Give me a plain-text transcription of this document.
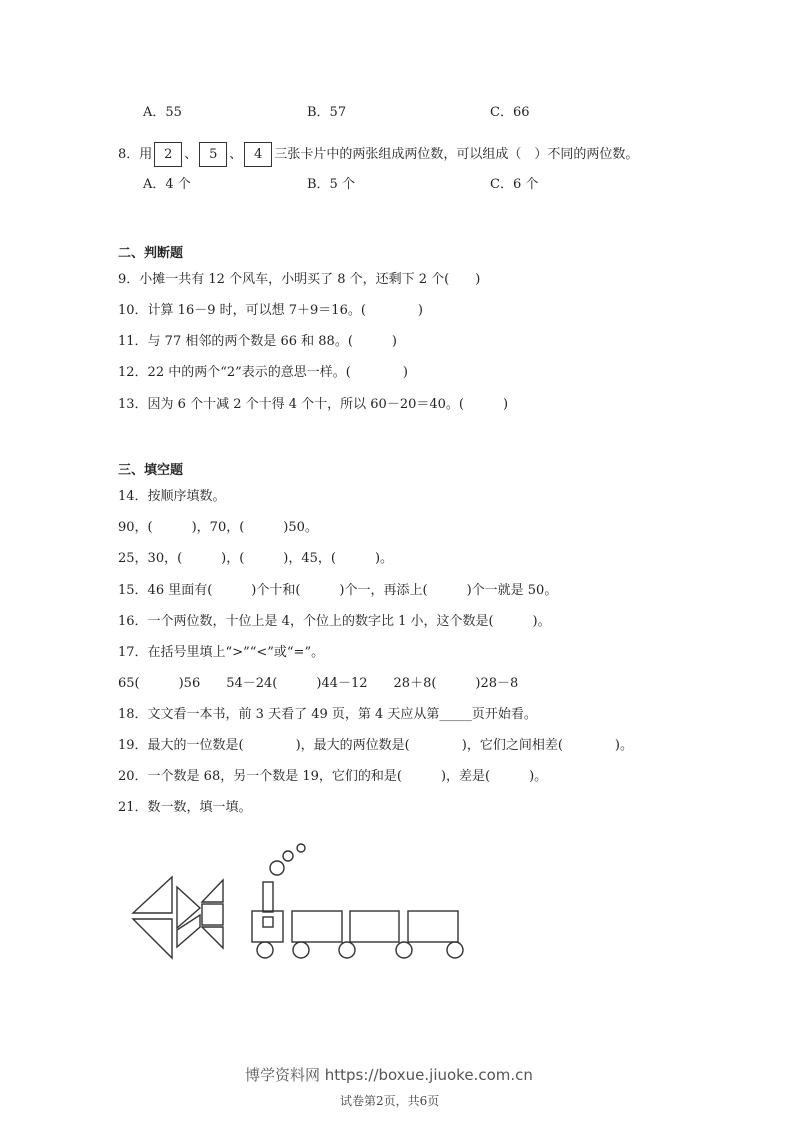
A．55	B．57	C．66
8．用 2 、 5 、 4 三张卡片中的两张组成两位数，可以组成（　）不同的两位数。
A．4 个	B．5 个	C．6 个
二、判断题
9．小摊一共有 12 个风车，小明买了 8 个，还剩下 2 个(　　)
10．计算 16－9 时，可以想 7＋9＝16。(　　　　)
11．与 77 相邻的两个数是 66 和 88。(　　　)
12．22 中的两个“2”表示的意思一样。(　　　　)
13．因为 6 个十减 2 个十得 4 个十，所以 60－20＝40。(　　　)
三、填空题
14．按顺序填数。
90，(　　　)，70，(　　　)50。
25，30，(　　　)，(　　　)，45，(　　　)。
15．46 里面有(　　　)个十和(　　　)个一，再添上(　　　)个一就是 50。
16．一个两位数，十位上是 4，个位上的数字比 1 小，这个数是(　　　)。
17．在括号里填上“>”“<”或“=”。
65(　　　)56　　54－24(　　　)44－12　　28＋8(　　　)28－8
18．文文看一本书，前 3 天看了 49 页，第 4 天应从第_____页开始看。
19．最大的一位数是(　　　　)，最大的两位数是(　　　　)，它们之间相差(　　　　)。
20．一个数是 68，另一个数是 19，它们的和是(　　　)，差是(　　　)。
21．数一数，填一填。
博学资料网 https://boxue.jiuoke.com.cn
试卷第2页，共6页
